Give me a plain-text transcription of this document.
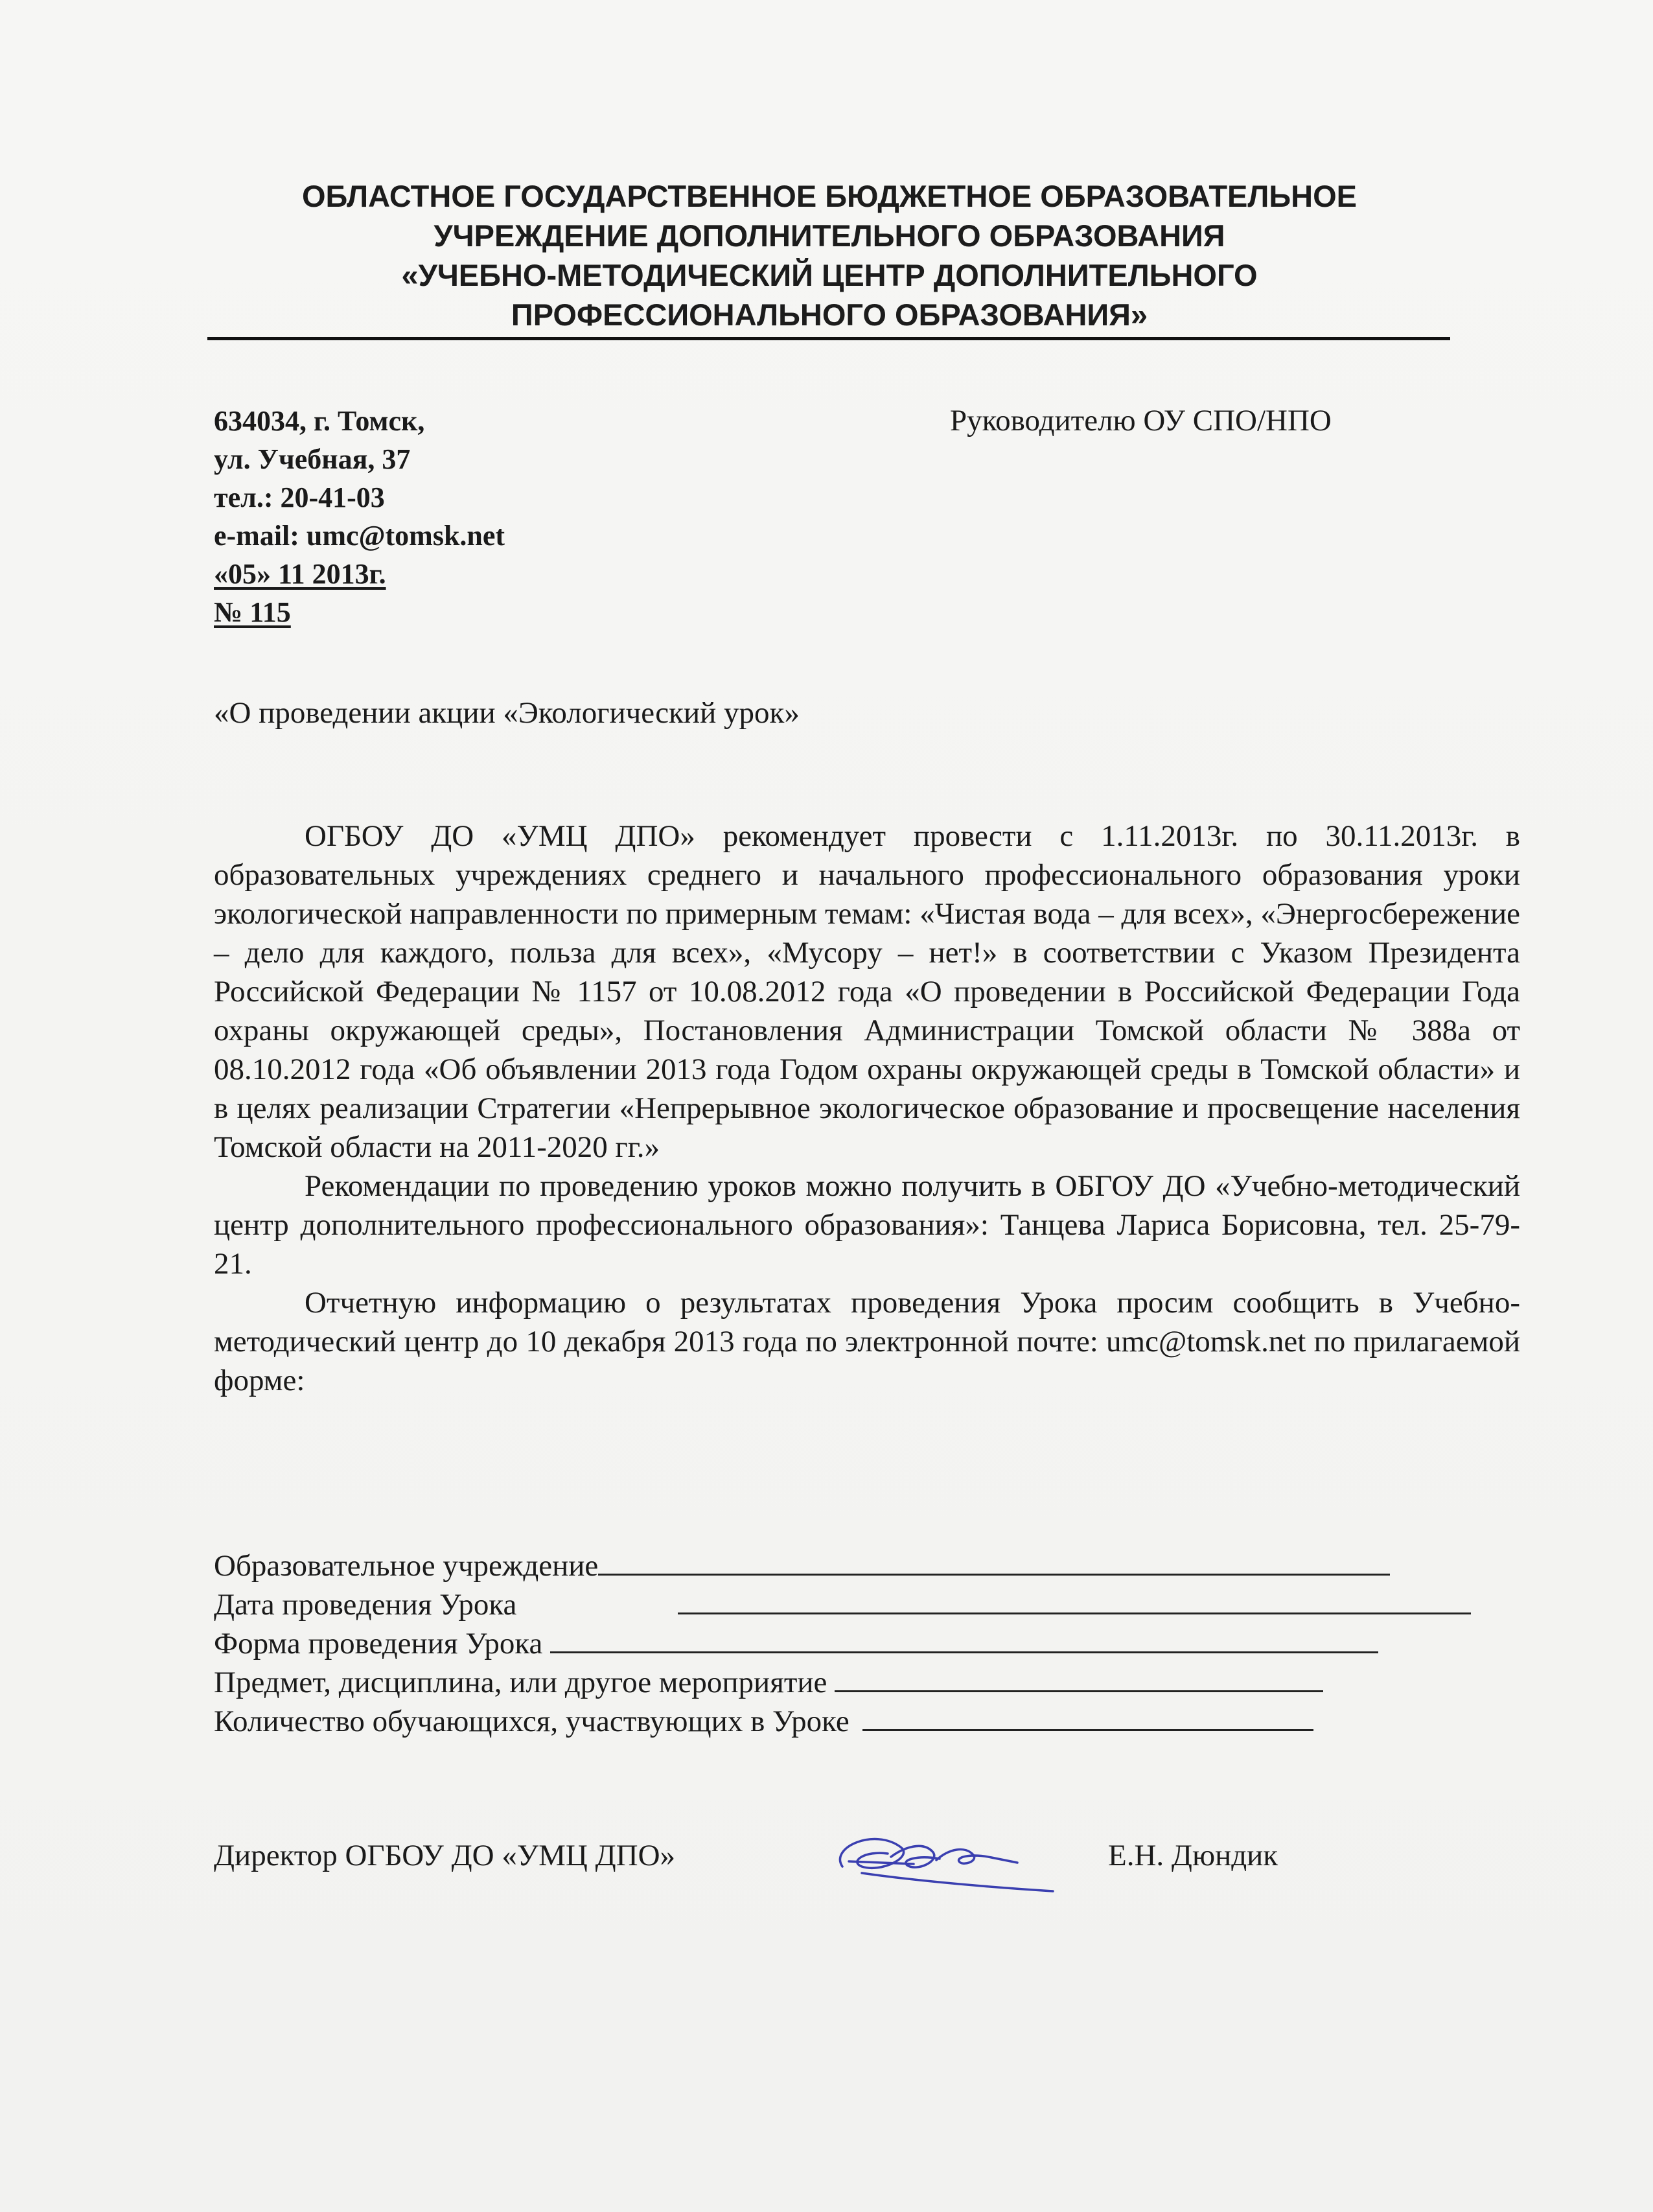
ОБЛАСТНОЕ ГОСУДАРСТВЕННОЕ БЮДЖЕТНОЕ ОБРАЗОВАТЕЛЬНОЕ
УЧРЕЖДЕНИЕ ДОПОЛНИТЕЛЬНОГО ОБРАЗОВАНИЯ
«УЧЕБНО-МЕТОДИЧЕСКИЙ ЦЕНТР ДОПОЛНИТЕЛЬНОГО
ПРОФЕССИОНАЛЬНОГО ОБРАЗОВАНИЯ»
634034, г. Томск,
ул. Учебная, 37
тел.: 20-41-03
e-mail: umc@tomsk.net
«05» 11 2013г.
№ 115
Руководителю ОУ СПО/НПО
«О проведении акции «Экологический урок»

ОГБОУ ДО «УМЦ ДПО» рекомендует провести с 1.11.2013г. по 30.11.2013г. в образовательных учреждениях среднего и начального профессионального образования уроки экологической направленности по примерным темам: «Чистая вода – для всех», «Энергосбережение – дело для каждого, польза для всех», «Мусору – нет!» в соответствии с Указом Президента Российской Федерации № 1157 от 10.08.2012 года «О проведении в Российской Федерации Года охраны окружающей среды», Постановления Администрации Томской области № 388а от 08.10.2012 года «Об объявлении 2013 года Годом охраны окружающей среды в Томской области» и в целях реализации Стратегии «Непрерывное экологическое образование и просвещение населения Томской области на 2011-2020 гг.»

Рекомендации по проведению уроков можно получить в ОБГОУ ДО «Учебно-методический центр дополнительного профессионального образования»: Танцева Лариса Борисовна, тел. 25-79-21.

Отчетную информацию о результатах проведения Урока просим сообщить в Учебно-методический центр до 10 декабря 2013 года по электронной почте: umc@tomsk.net по прилагаемой форме:

Образовательное учреждение
Дата проведения Урока
Форма проведения Урока
Предмет, дисциплина, или другое мероприятие
Количество обучающихся, участвующих в Уроке
Директор ОГБОУ ДО «УМЦ ДПО»	Е.Н. Дюндик
